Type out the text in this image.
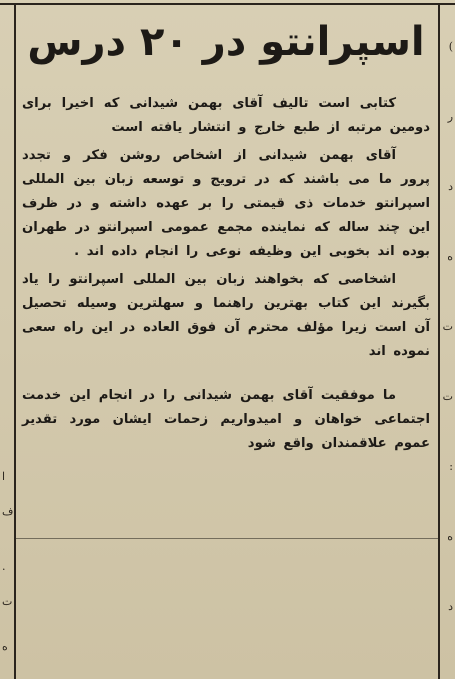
)
ر
د
ه
ت
ت
:
ه
د
ا
ف
.
ت
ه
اسپرانتو در ۲۰ درس

کتابی است تالیف آقای بهمن شیدانی که اخیرا برای دومین مرتبه از طبع خارج و انتشار یافته است

آقای بهمن شیدانی از اشخاص روشن فکر و تجدد پرور ما می باشند که در ترویج و توسعه زبان بین المللی اسپرانتو خدمات ذی قیمتی را بر عهده داشته و در ظرف این چند ساله که نماینده مجمع عمومی اسپرانتو در طهران بوده اند بخوبی این وظیفه نوعی را انجام داده اند .

اشخاصی که بخواهند زبان بین المللی اسپرانتو را یاد بگیرند این کتاب بهترین راهنما و سهلترین وسیله تحصیل آن است زیرا مؤلف محترم آن فوق العاده در این راه سعی نموده اند

ما موفقیت آقای بهمن شیدانی را در انجام این خدمت اجتماعی خواهان و امیدواریم زحمات ایشان مورد تقدیر عموم علاقمندان واقع شود
